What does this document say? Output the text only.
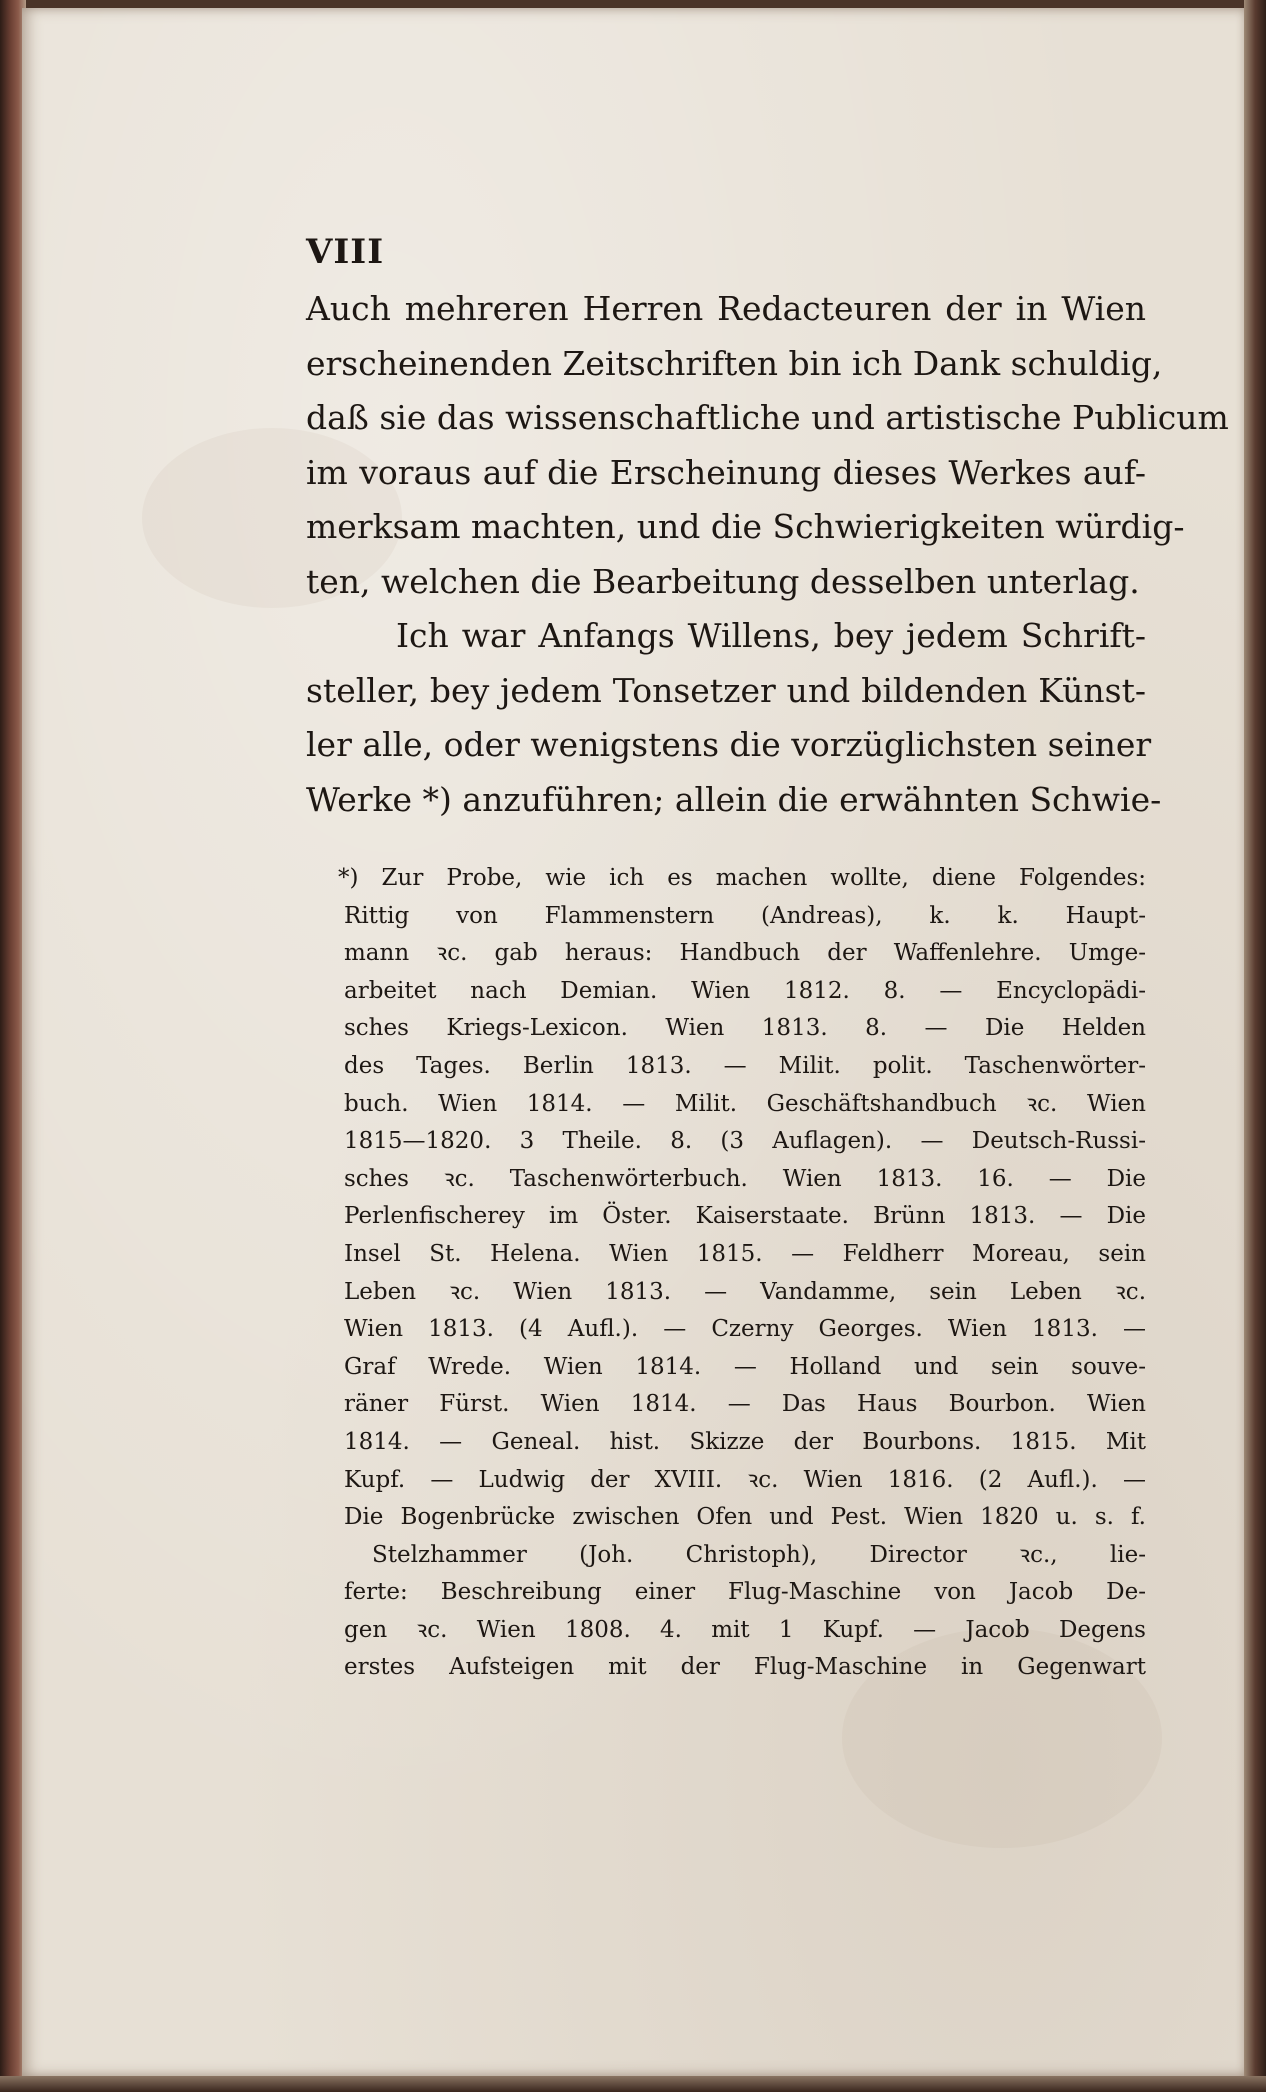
VIII
Auch mehreren Herren Redacteuren der in Wien
erscheinenden Zeitschriften bin ich Dank schuldig,
daß sie das wissenschaftliche und artistische Publicum
im voraus auf die Erscheinung dieses Werkes auf-
merksam machten, und die Schwierigkeiten würdig-
ten, welchen die Bearbeitung desselben unterlag.
Ich war Anfangs Willens, bey jedem Schrift-
steller, bey jedem Tonsetzer und bildenden Künst-
ler alle, oder wenigstens die vorzüglichsten seiner
Werke *) anzuführen; allein die erwähnten Schwie-
*) Zur Probe, wie ich es machen wollte, diene Folgendes:
Rittig von Flammenstern (Andreas), k. k. Haupt-
mann ꝛc. gab heraus: Handbuch der Waffenlehre. Umge-
arbeitet nach Demian. Wien 1812. 8. — Encyclopädi-
sches Kriegs-Lexicon. Wien 1813. 8. — Die Helden
des Tages. Berlin 1813. — Milit. polit. Taschenwörter-
buch. Wien 1814. — Milit. Geschäftshandbuch ꝛc. Wien
1815—1820. 3 Theile. 8. (3 Auflagen). — Deutsch-Russi-
sches ꝛc. Taschenwörterbuch. Wien 1813. 16. — Die
Perlenfischerey im Öster. Kaiserstaate. Brünn 1813. — Die
Insel St. Helena. Wien 1815. — Feldherr Moreau, sein
Leben ꝛc. Wien 1813. — Vandamme, sein Leben ꝛc.
Wien 1813. (4 Aufl.). — Czerny Georges. Wien 1813. —
Graf Wrede. Wien 1814. — Holland und sein souve-
räner Fürst. Wien 1814. — Das Haus Bourbon. Wien
1814. — Geneal. hist. Skizze der Bourbons. 1815. Mit
Kupf. — Ludwig der XVIII. ꝛc. Wien 1816. (2 Aufl.). —
Die Bogenbrücke zwischen Ofen und Pest. Wien 1820 u. s. f.
Stelzhammer (Joh. Christoph), Director ꝛc., lie-
ferte: Beschreibung einer Flug-Maschine von Jacob De-
gen ꝛc. Wien 1808. 4. mit 1 Kupf. — Jacob Degens
erstes Aufsteigen mit der Flug-Maschine in Gegenwart
